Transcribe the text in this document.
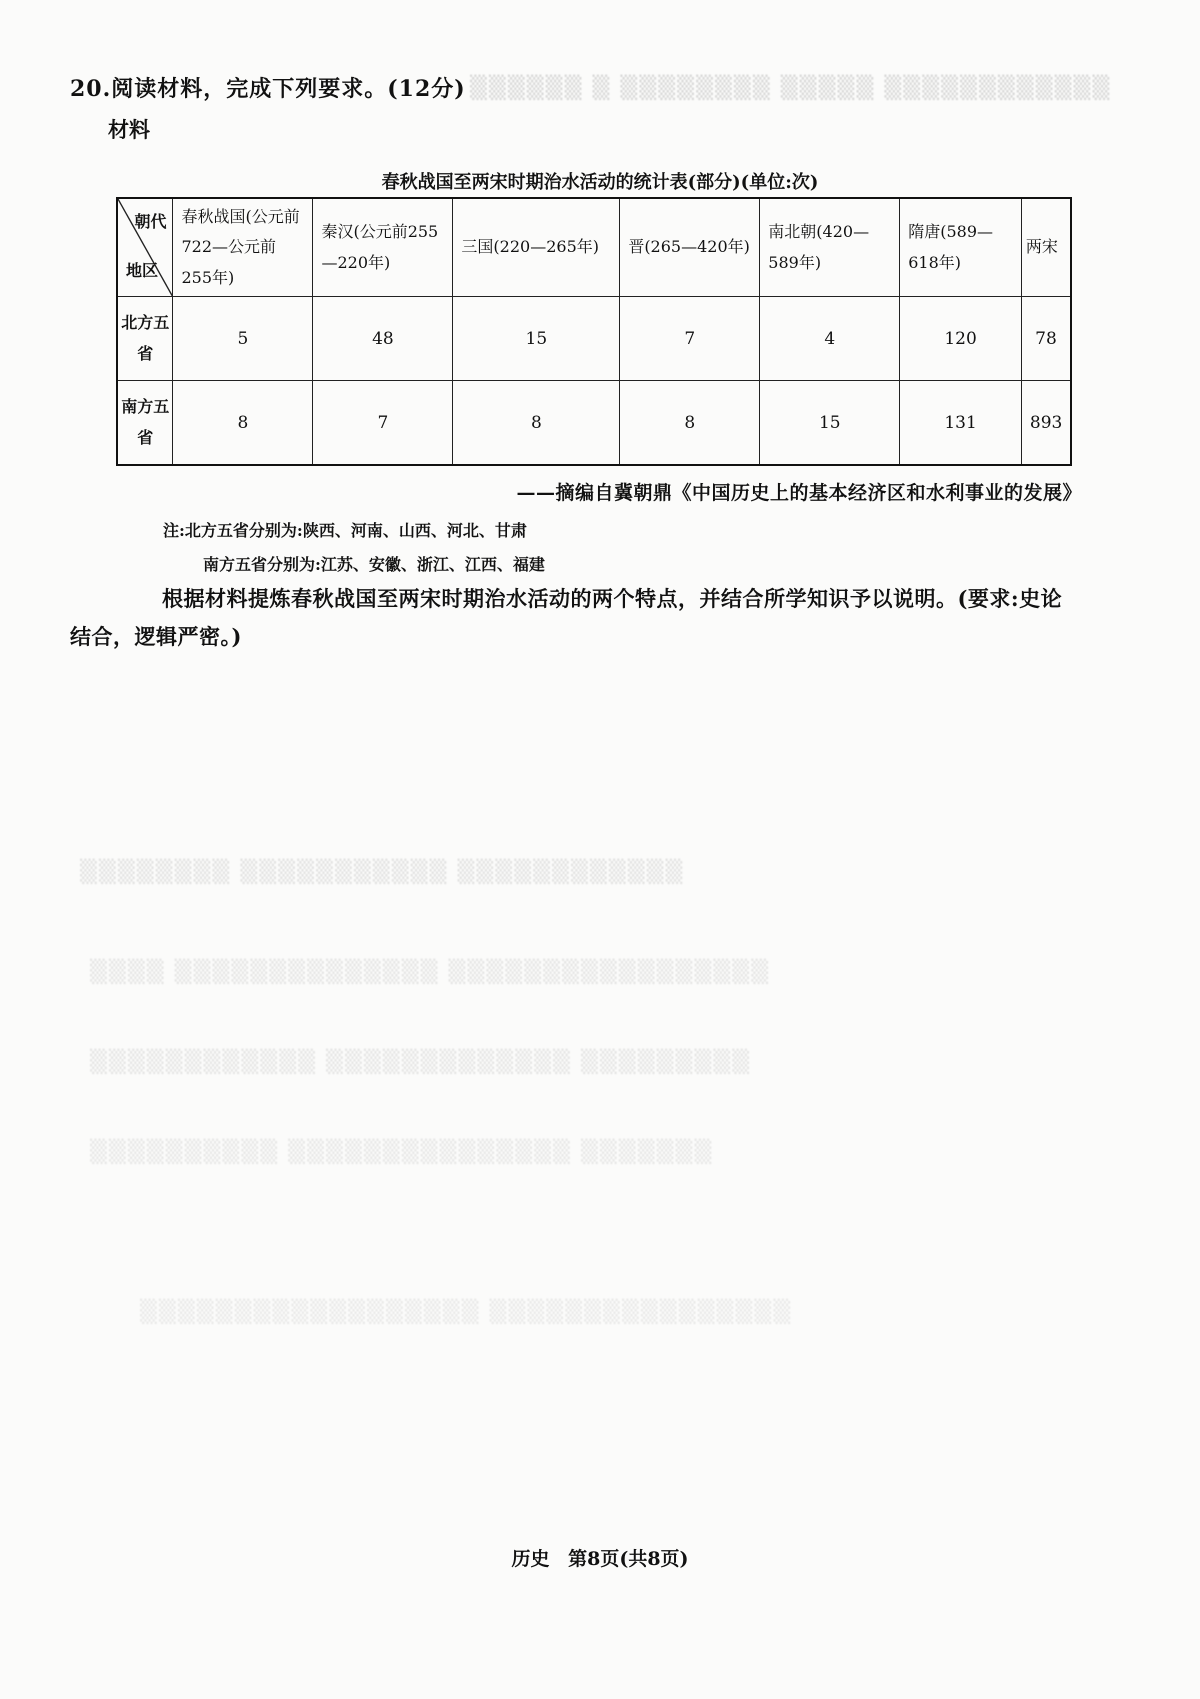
▒▒▒▒▒▒ ▒ ▒▒▒▒▒▒▒▒ ▒▒▒▒▒ ▒▒▒▒▒▒▒▒▒▒▒▒
▒▒▒▒▒▒▒▒ ▒▒▒▒▒▒▒▒▒▒▒ ▒▒▒▒▒▒▒▒▒▒▒▒
▒▒▒▒ ▒▒▒▒▒▒▒▒▒▒▒▒▒▒ ▒▒▒▒▒▒▒▒▒▒▒▒▒▒▒▒▒
▒▒▒▒▒▒▒▒▒▒▒▒ ▒▒▒▒▒▒▒▒▒▒▒▒▒ ▒▒▒▒▒▒▒▒▒
▒▒▒▒▒▒▒▒▒▒ ▒▒▒▒▒▒▒▒▒▒▒▒▒▒▒ ▒▒▒▒▒▒▒
▒▒▒▒▒▒▒▒▒▒▒▒▒▒▒▒▒▒ ▒▒▒▒▒▒▒▒▒▒▒▒▒▒▒▒
20.阅读材料，完成下列要求。(12分)
材料
春秋战国至两宋时期治水活动的统计表(部分)(单位:次)
朝代
地区	春秋战国(公元前722—公元前255年)	秦汉(公元前255—220年)	三国(220—265年)	晋(265—420年)	南北朝(420—589年)	隋唐(589—618年)	两宋
北方五省	5	48	15	7	4	120	78
南方五省	8	7	8	8	15	131	893
——摘编自冀朝鼎《中国历史上的基本经济区和水利事业的发展》
注:北方五省分别为:陕西、河南、山西、河北、甘肃
南方五省分别为:江苏、安徽、浙江、江西、福建
根据材料提炼春秋战国至两宋时期治水活动的两个特点，并结合所学知识予以说明。(要求:史论结合，逻辑严密。)
历史 第8页(共8页)
